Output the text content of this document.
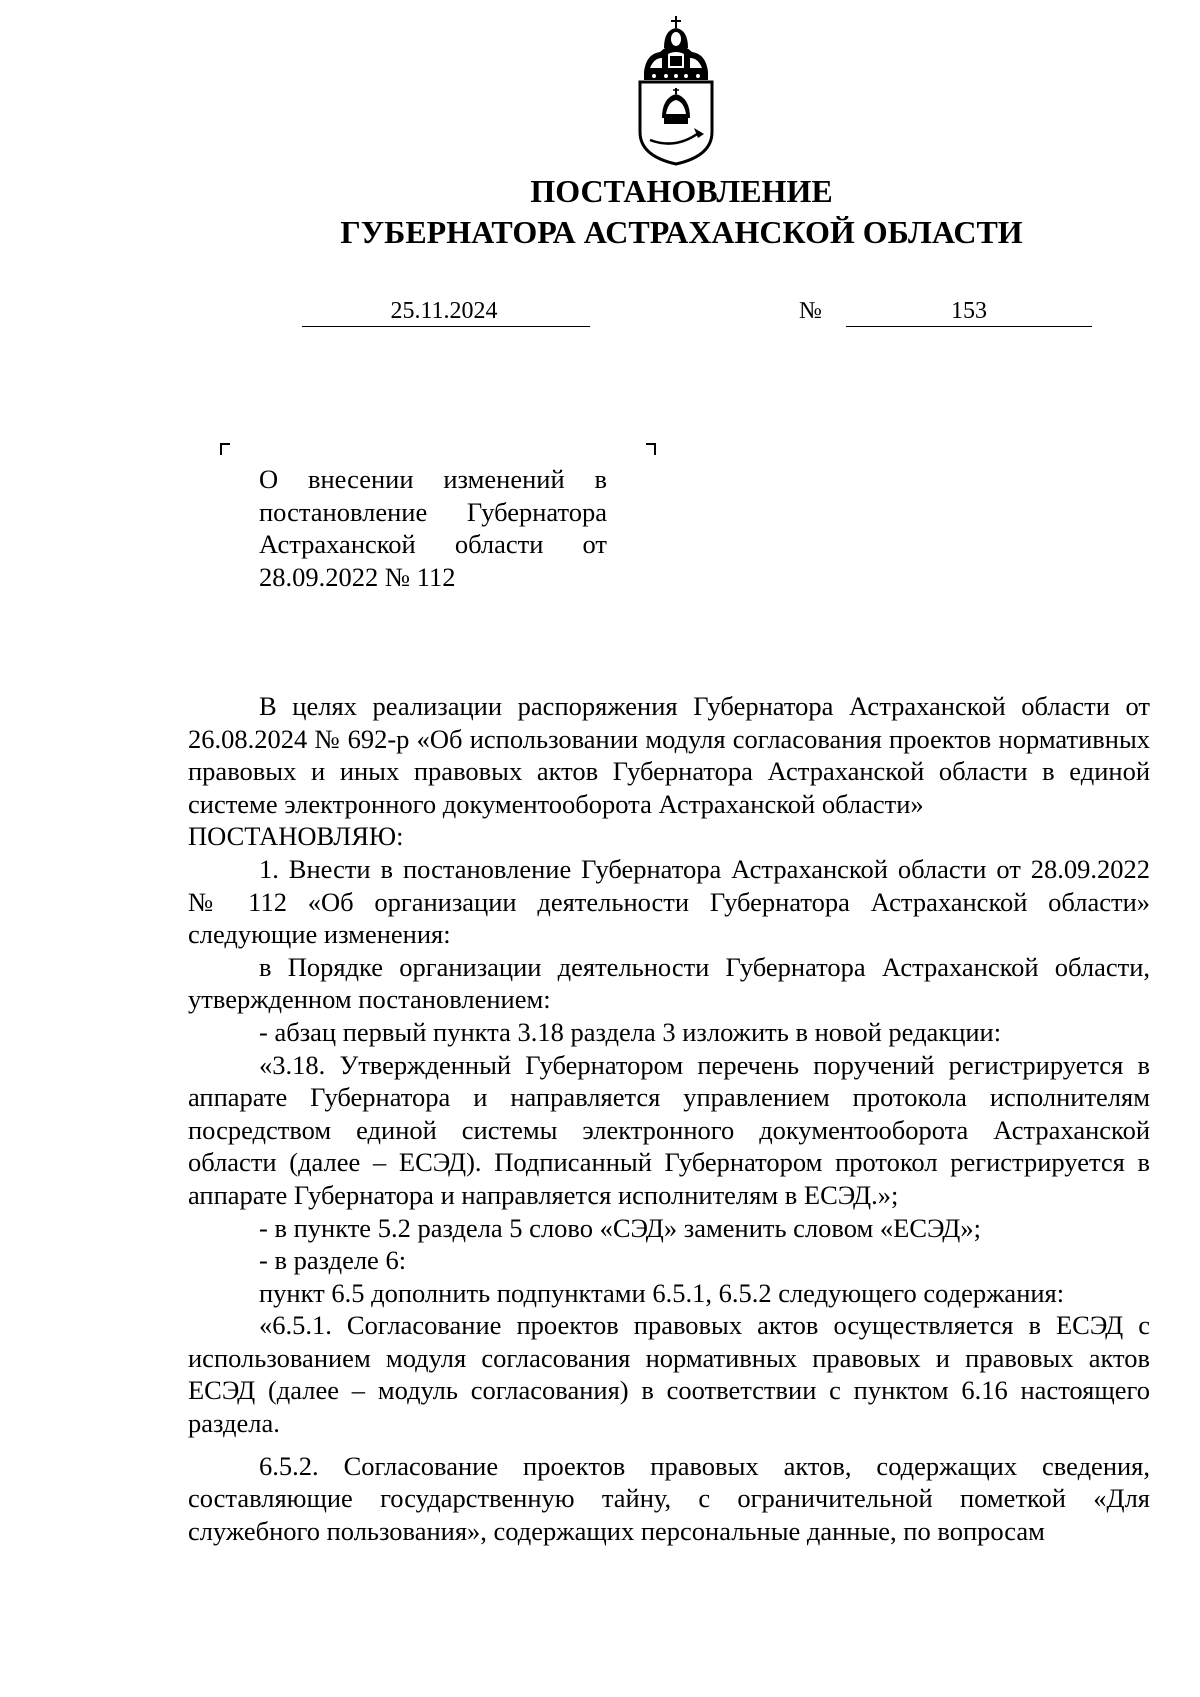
ПОСТАНОВЛЕНИЕ
ГУБЕРНАТОРА АСТРАХАНСКОЙ ОБЛАСТИ
25.11.2024	№	153
О внесении изменений в постановление Губернатора Астраханской области от 28.09.2022 № 112

В целях реализации распоряжения Губернатора Астраханской области от 26.08.2024 № 692-р «Об использовании модуля согласования проектов нормативных правовых и иных правовых актов Губернатора Астраханской области в единой системе электронного документооборота Астраханской области»

ПОСТАНОВЛЯЮ:

1. Внести в постановление Губернатора Астраханской области от 28.09.2022 № 112 «Об организации деятельности Губернатора Астраханской области» следующие изменения:

в Порядке организации деятельности Губернатора Астраханской области, утвержденном постановлением:

- абзац первый пункта 3.18 раздела 3 изложить в новой редакции:

«3.18. Утвержденный Губернатором перечень поручений регистрируется в аппарате Губернатора и направляется управлением протокола исполнителям посредством единой системы электронного документооборота Астраханской области (далее – ЕСЭД). Подписанный Губернатором протокол регистрируется в аппарате Губернатора и направляется исполнителям в ЕСЭД.»;

- в пункте 5.2 раздела 5 слово «СЭД» заменить словом «ЕСЭД»;

- в разделе 6:

пункт 6.5 дополнить подпунктами 6.5.1, 6.5.2 следующего содержания:

«6.5.1. Согласование проектов правовых актов осуществляется в ЕСЭД с использованием модуля согласования нормативных правовых и правовых актов ЕСЭД (далее – модуль согласования) в соответствии с пунктом 6.16 настоящего раздела.

6.5.2. Согласование проектов правовых актов, содержащих сведения, составляющие государственную тайну, с ограничительной пометкой «Для служебного пользования», содержащих персональные данные, по вопросам
